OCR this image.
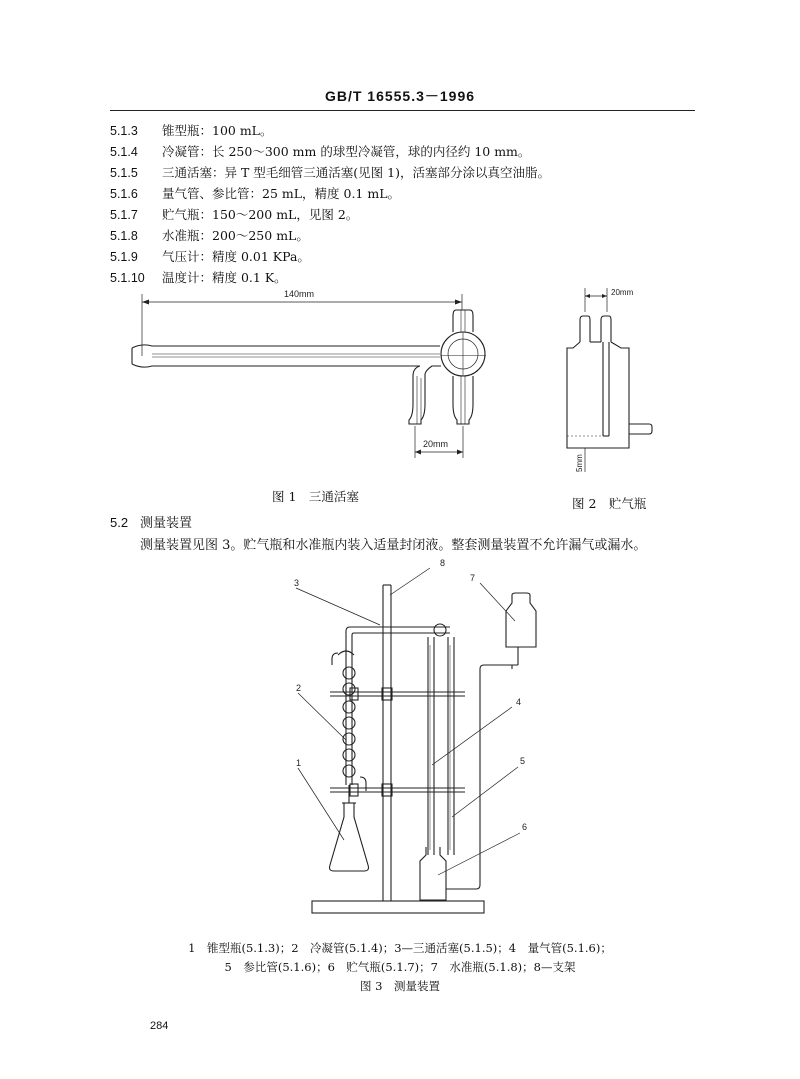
GB/T 16555.3－1996
5.1.3 锥型瓶：100 mL。
5.1.4 冷凝管：长 250～300 mm 的球型冷凝管，球的内径约 10 mm。
5.1.5 三通活塞：异 T 型毛细管三通活塞(见图 1)，活塞部分涂以真空油脂。
5.1.6 量气管、参比管：25 mL，精度 0.1 mL。
5.1.7 贮气瓶：150～200 mL，见图 2。
5.1.8 水准瓶：200～250 mL。
5.1.9 气压计：精度 0.01 KPa。
5.1.10 温度计：精度 0.1 K。
140mm
20mm
图 1　三通活塞
20mm
5mm
图 2　贮气瓶
5.2 测量装置
测量装置见图 3。贮气瓶和水准瓶内装入适量封闭液。整套测量装置不允许漏气或漏水。
3
2
1
8
7
4
5
6
1　锥型瓶(5.1.3)；2　冷凝管(5.1.4)；3—三通活塞(5.1.5)；4　量气管(5.1.6)；
5　参比管(5.1.6)；6　贮气瓶(5.1.7)；7　水准瓶(5.1.8)；8—支架
图 3　测量装置
284
